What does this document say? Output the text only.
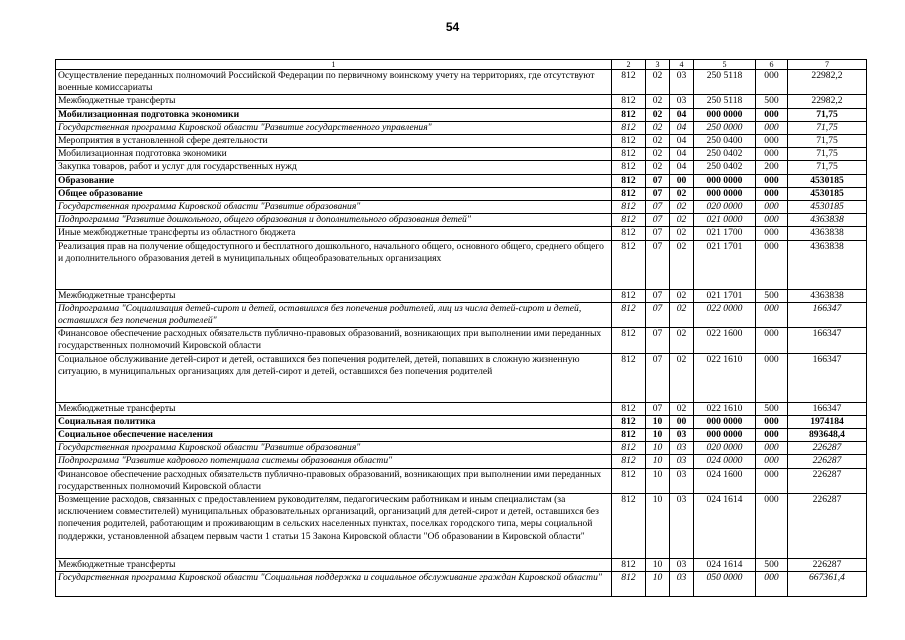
54
1	2	3	4	5	6	7
Осуществление переданных полномочий Российской Федерации по первичному воинскому учету на территориях, где отсутствуют военные комиссариаты	812	02	03	250 5118	000	22982,2
Межбюджетные трансферты	812	02	03	250 5118	500	22982,2
Мобилизационная подготовка экономики	812	02	04	000 0000	000	71,75
Государственная программа Кировской области "Развитие государственного управления"	812	02	04	250 0000	000	71,75
Мероприятия в установленной сфере деятельности	812	02	04	250 0400	000	71,75
Мобилизационная подготовка экономики	812	02	04	250 0402	000	71,75
Закупка товаров, работ и услуг для государственных нужд	812	02	04	250 0402	200	71,75
Образование	812	07	00	000 0000	000	4530185
Общее образование	812	07	02	000 0000	000	4530185
Государственная программа Кировской области "Развитие образования"	812	07	02	020 0000	000	4530185
Подпрограмма "Развитие дошкольного, общего образования и дополнительного образования детей"	812	07	02	021 0000	000	4363838
Иные межбюджетные трансферты из областного бюджета	812	07	02	021 1700	000	4363838
Реализация прав на получение общедоступного и бесплатного дошкольного, начального общего, основного общего, среднего общего и дополнительного образования детей в муниципальных общеобразовательных организациях	812	07	02	021 1701	000	4363838
Межбюджетные трансферты	812	07	02	021 1701	500	4363838
Подпрограмма "Социализация детей-сирот и детей, оставшихся без попечения родителей, лиц из числа детей-сирот и детей, оставшихся без попечения родителей"	812	07	02	022 0000	000	166347
Финансовое обеспечение расходных обязательств публично-правовых образований, возникающих при выполнении ими переданных государственных полномочий Кировской области	812	07	02	022 1600	000	166347
Социальное обслуживание детей-сирот и детей, оставшихся без попечения родителей, детей, попавших в сложную жизненную ситуацию, в муниципальных организациях для детей-сирот и детей, оставшихся без попечения родителей	812	07	02	022 1610	000	166347
Межбюджетные трансферты	812	07	02	022 1610	500	166347
Социальная политика	812	10	00	000 0000	000	1974184
Социальное обеспечение населения	812	10	03	000 0000	000	893648,4
Государственная программа Кировской области "Развитие образования"	812	10	03	020 0000	000	226287
Подпрограмма "Развитие кадрового потенциала системы образования области"	812	10	03	024 0000	000	226287
Финансовое обеспечение расходных обязательств публично-правовых образований, возникающих при выполнении ими переданных государственных полномочий Кировской области	812	10	03	024 1600	000	226287
Возмещение расходов, связанных с предоставлением руководителям, педагогическим работникам и иным специалистам (за исключением совместителей) муниципальных образовательных организаций, организаций для детей-сирот и детей, оставшихся без попечения родителей, работающим и проживающим в сельских населенных пунктах, поселках городского типа, меры социальной поддержки, установленной абзацем первым части 1 статьи 15 Закона Кировской области "Об образовании в Кировской области"	812	10	03	024 1614	000	226287
Межбюджетные трансферты	812	10	03	024 1614	500	226287
Государственная программа Кировской области "Социальная поддержка и социальное обслуживание граждан Кировской области"	812	10	03	050 0000	000	667361,4
